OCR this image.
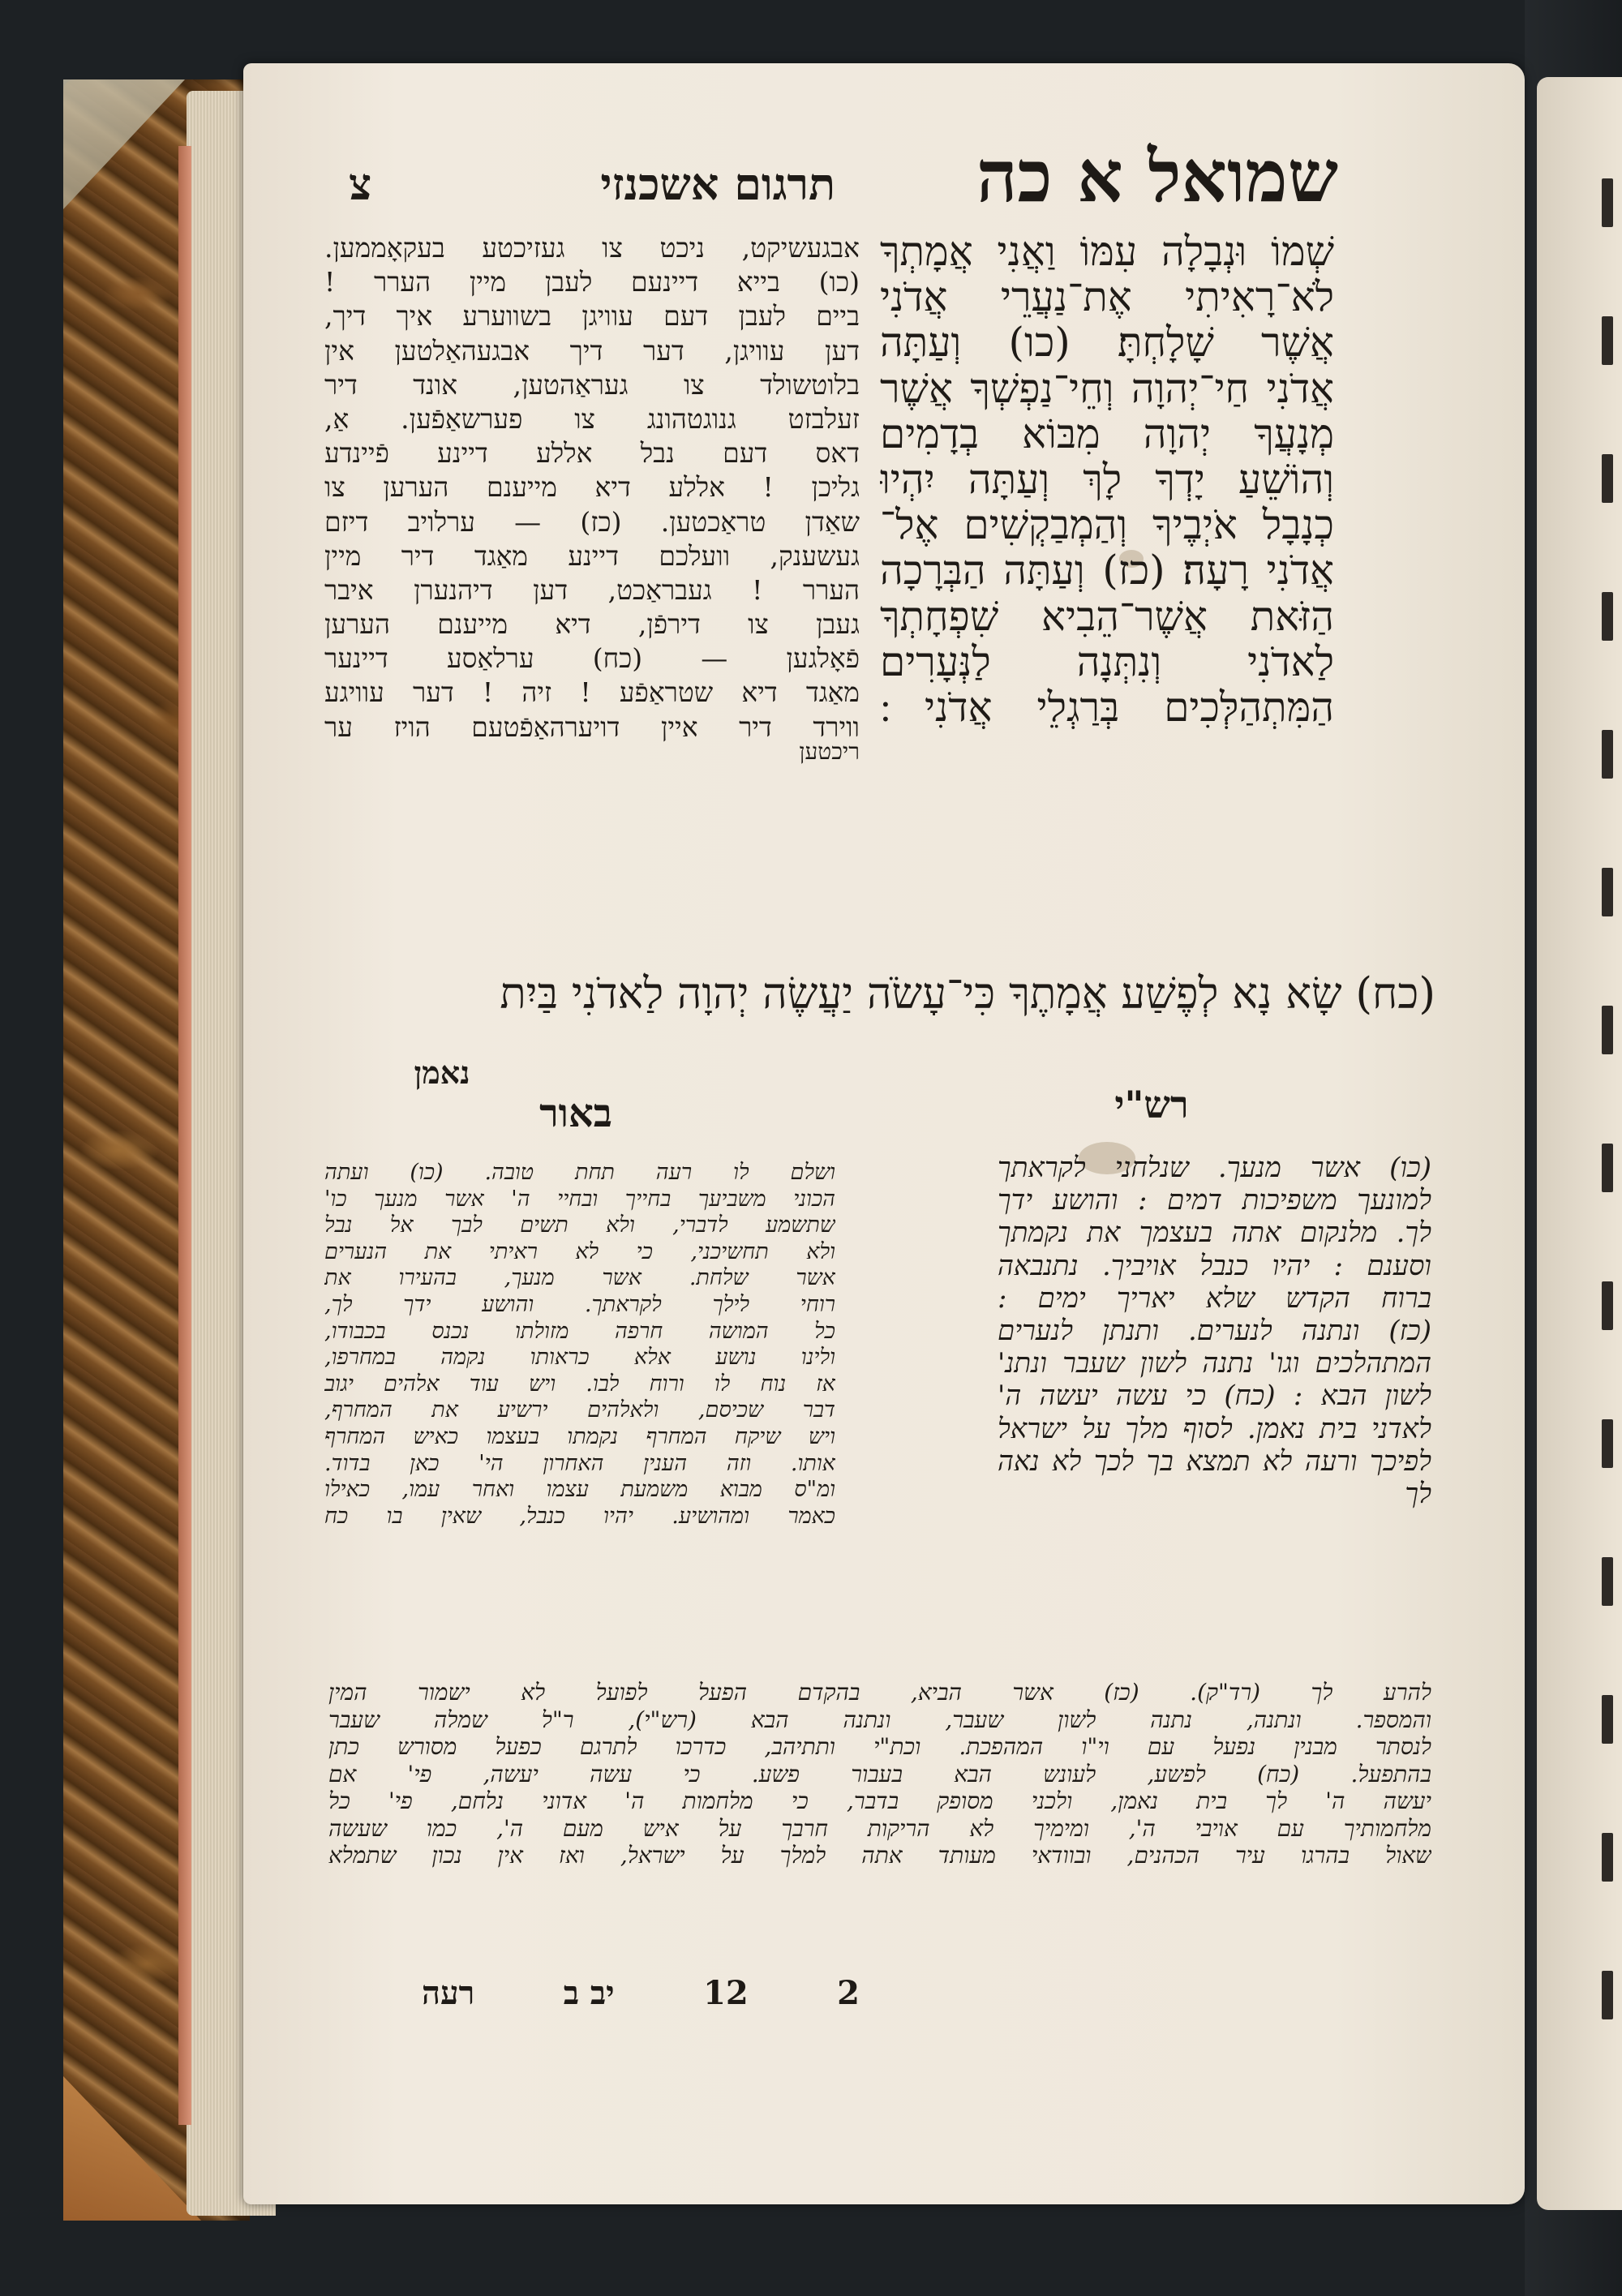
שמואל א כה
צ	תרגום אשכנזי
שְׁמוֹ וּנְבָלָה עִמּוֹ וַאֲנִי אֲמָתְךָ
לֹא־רָאִיתִי אֶת־נַעֲרֵי אֲדֹנִי
אֲשֶׁר שָׁלָחְתָּ׃ (כו) וְעַתָּה
אֲדֹנִי חַי־יְהוָה וְחֵי־נַפְשְׁךָ אֲשֶׁר
מְנָעֲךָ יְהוָה מִבּוֹא בְדָמִים
וְהוֹשֵׁעַ יָדְךָ לָךְ וְעַתָּה יִהְיוּ
כְנָבָל אֹיְבֶיךָ וְהַמְבַקְשִׁים אֶל־
אֲדֹנִי רָעָה׃ (כז) וְעַתָּה הַבְּרָכָה
הַזֹּאת אֲשֶׁר־הֵבִיא שִׁפְחָתְךָ
לַאדֹנִי וְנִתְּנָה לַנְּעָרִים
הַמִּתְהַלְּכִים בְּרַגְלֵי אֲדֹנִי ׃
אבגעשיקט, ניכט צו געזיכטע בעקאָממען.
(כו) בייא דיינעם לעבן מיין הערר !
ביים לעבן דעם עוויגן בשווערע איך דיך,
דען עוויגן, דער דיך אבגעהאַלטען אין
בלוטשולד צו געראַהטען, אונד דיר
זעלבזט גנוגטהונג צו פערשאַפֿען. אַ,
דאס דעם נבל אללע דיינע פֿיינדע
גליכן ! אללע דיא מייענם הערען צו
שאַדן טראַכטען. (כז) — ערלויב דיזם
געשענק, וועלכם דיינע מאַגד דיר מיין
הערר ! געבראַכט, דען דיהנערן איבר
געבן צו דירפֿן, דיא מייענם הערען
פֿאָלגען — (כח) ערלאַסע דיינער
מאַגד דיא שטראַפֿע ! זיה ! דער עוויגע
ווירד דיר איין דויערהאַפֿטעם הויז ער
ריכטען
(כח) שָׂא נָא לְפֶשַׁע אֲמָתֶךָ כִּי־עָשֹׂה יַעֲשֶׂה יְהוָה לַאדֹנִי בַּיִת
רש"י
נאמן
באור
(כו) אשר מנעך. שנלחני לקראתך
למונעך משפיכות דמים : והושע ידך
לך. מלנקום אתה בעצמך את נקמתך
וסענם : יהיו כנבל אויביך. נתנבאה
ברוח הקדש שלא יאריך ימים :
(כז) ונתנה לנערים. ותנתן לנערים
המתהלכים וגו' נתנה לשון שעבר ונתנ'
לשון הבא : (כח) כי עשה יעשה ה'
לאדני בית נאמן. לסוף מלך על ישראל
לפיכך ורעה לא תמצא בך לכך לא נאה
לך
ושלם לו רעה תחת טובה. (כו) ועתה
הכוני משביעך בחייך ובחיי ה' אשר מנעך כו'
שתשמע לדברי, ולא תשים לבך אל נבל
ולא תחשיכני, כי לא ראיתי את הנערים
אשר שלחת. אשר מנעך, בהעירו את
רוחי לילך לקראתך. והושע ידך לך,
כל המושה חרפה מזולתו נכנס בכבודו,
ולינו נושע אלא כראותו נקמה במחרפו,
אז נוח לו ורוח לבו. ויש עוד אלהים יגוב
דבר שכיסם, ולאלהים ירשיע את המחרף,
ויש שיקח המחרף נקמתו בעצמו כאיש המחרף
אותו. וזה הענין האחרון הי' כאן בדוד.
ומ"ס מבוא משמעת עצמו ואחר עמו, כאילו
כאמר ומהושיע. יהיו כנבל, שאין בו כח
להרע לך (רד"ק). (כז) אשר הביא, בהקדם הפעל לפועל לא ישמור המין
והמספר. ונתנה, נתנה לשון שעבר, ונתנה הבא (רש"י), ר"ל שמלה שעבר
לנסתר מבנין נפעל עם וי"ו המהפכת. וכת"י ותתיהב, כדרכו לתרגם כפעל מסורש כתן
בהתפעל. (כח) לפשע, לעונש הבא בעבור פשע. כי עשה יעשה, פי' אם
יעשה ה' לך בית נאמן, ולכני מסופק בדבר, כי מלחמות ה' אדוני נלחם, פי' כל
מלחמותיך עם אויבי ה', ומימיך לא הריקות חרבך על איש מעם ה', כמו שעשה
שאול בהרגו עיר הכהנים, ובוודאי מעותד אתה למלך על ישראל, ואז אין נכון שתמלא
רעה	יב ב	12	2
